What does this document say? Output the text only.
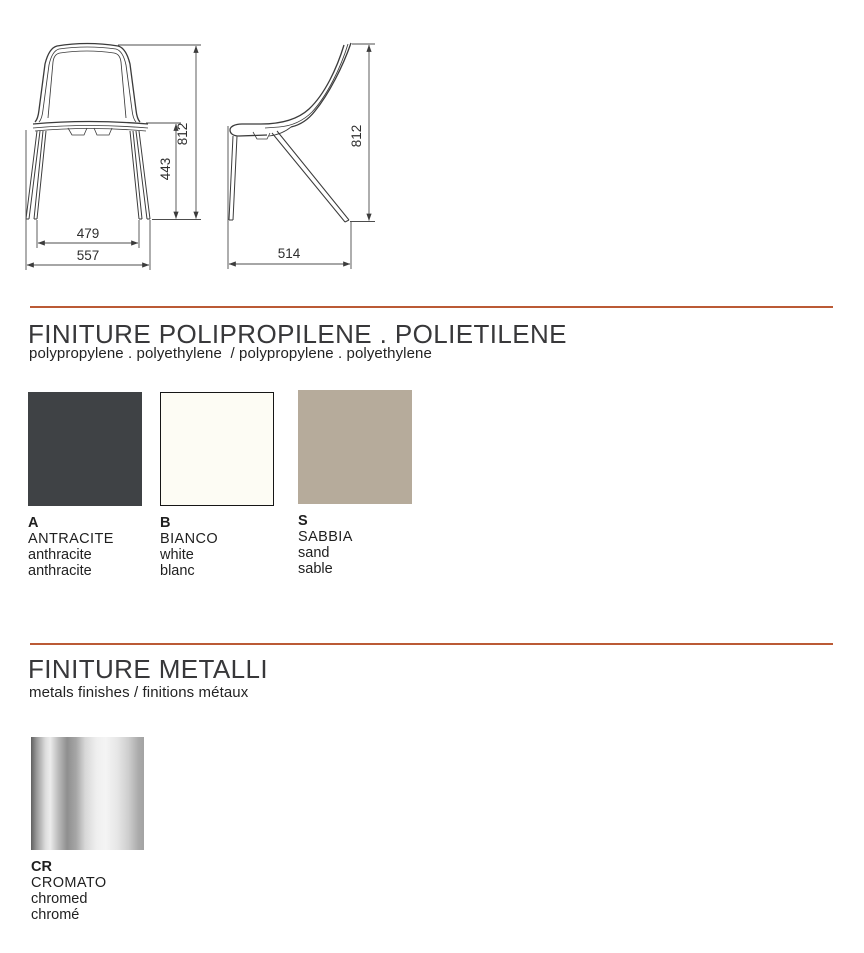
812
443
479
557
812
514
FINITURE POLIPROPILENE . POLIETILENE

polypropylene . polyethylene  / polypropylene . polyethylene

A
ANTRACITE
anthracite
anthracite
B
BIANCO
white
blanc
S
SABBIA
sand
sable
FINITURE METALLI

metals finishes / finitions métaux

CR
CROMATO
chromed
chromé
